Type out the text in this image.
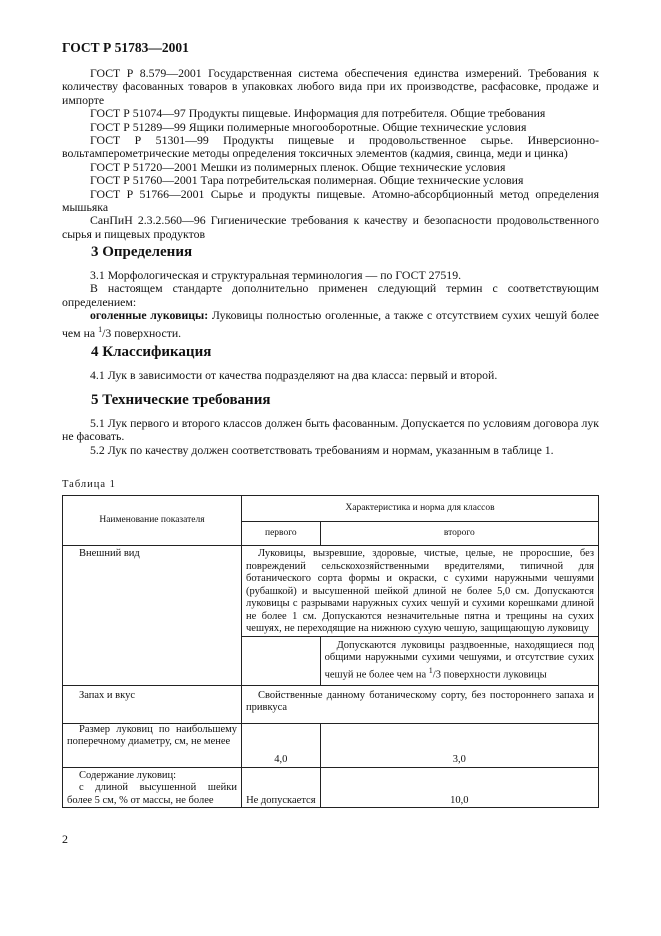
ГОСТ Р 51783—2001

ГОСТ Р 8.579—2001 Государственная система обеспечения единства измерений. Требования к количеству фасованных товаров в упаковках любого вида при их производстве, расфасовке, продаже и импорте

ГОСТ Р 51074—97 Продукты пищевые. Информация для потребителя. Общие требования

ГОСТ Р 51289—99 Ящики полимерные многооборотные. Общие технические условия

ГОСТ Р 51301—99 Продукты пищевые и продовольственное сырье. Инверсионно-вольтамперометрические методы определения токсичных элементов (кадмия, свинца, меди и цинка)

ГОСТ Р 51720—2001 Мешки из полимерных пленок. Общие технические условия

ГОСТ Р 51760—2001 Тара потребительская полимерная. Общие технические условия

ГОСТ Р 51766—2001 Сырье и продукты пищевые. Атомно-абсорбционный метод определения мышьяка

СанПиН 2.3.2.560—96 Гигиенические требования к качеству и безопасности продовольственного сырья и пищевых продуктов

3 Определения

3.1 Морфологическая и структуральная терминология — по ГОСТ 27519.

В настоящем стандарте дополнительно применен следующий термин с соответствующим определением:

оголенные луковицы: Луковицы полностью оголенные, а также с отсутствием сухих чешуй более чем на $^1$/3 поверхности.

4 Классификация

4.1 Лук в зависимости от качества подразделяют на два класса: первый и второй.

5 Технические требования

5.1 Лук первого и второго классов должен быть фасованным. Допускается по условиям договора лук не фасовать.

5.2 Лук по качеству должен соответствовать требованиям и нормам, указанным в таблице 1.

Таблица 1
Наименование показателя	Характеристика и норма для классов	
	первого	второго
Внешний вид	Луковицы, вызревшие, здоровые, чистые, целые, не проросшие, без повреждений сельскохозяйственными вредителями, типичной для ботанического сорта формы и окраски, с сухими наружными чешуями (рубашкой) и высушенной шейкой длиной не более 5,0 см. Допускаются луковицы с разрывами наружных сухих чешуй и сухими корешками длиной не более 1 см. Допускаются незначительные пятна и трещины на сухих чешуях, не переходящие на нижнюю сухую чешую, защищающую луковицу	
		Допускаются луковицы раздвоенные, находящиеся под общими наружными сухими чешуями, и отсутствие сухих чешуй не более чем на $^1$/3 поверхности луковицы
Запах и вкус	Свойственные данному ботаническому сорту, без постороннего запаха и привкуса	
Размер луковиц по наибольшему поперечному диаметру, см, не менее	4,0	3,0

Содержание луковиц:
с длиной высушенной шейки более 5 см, % от массы, не более	Не допускается	10,0
2
